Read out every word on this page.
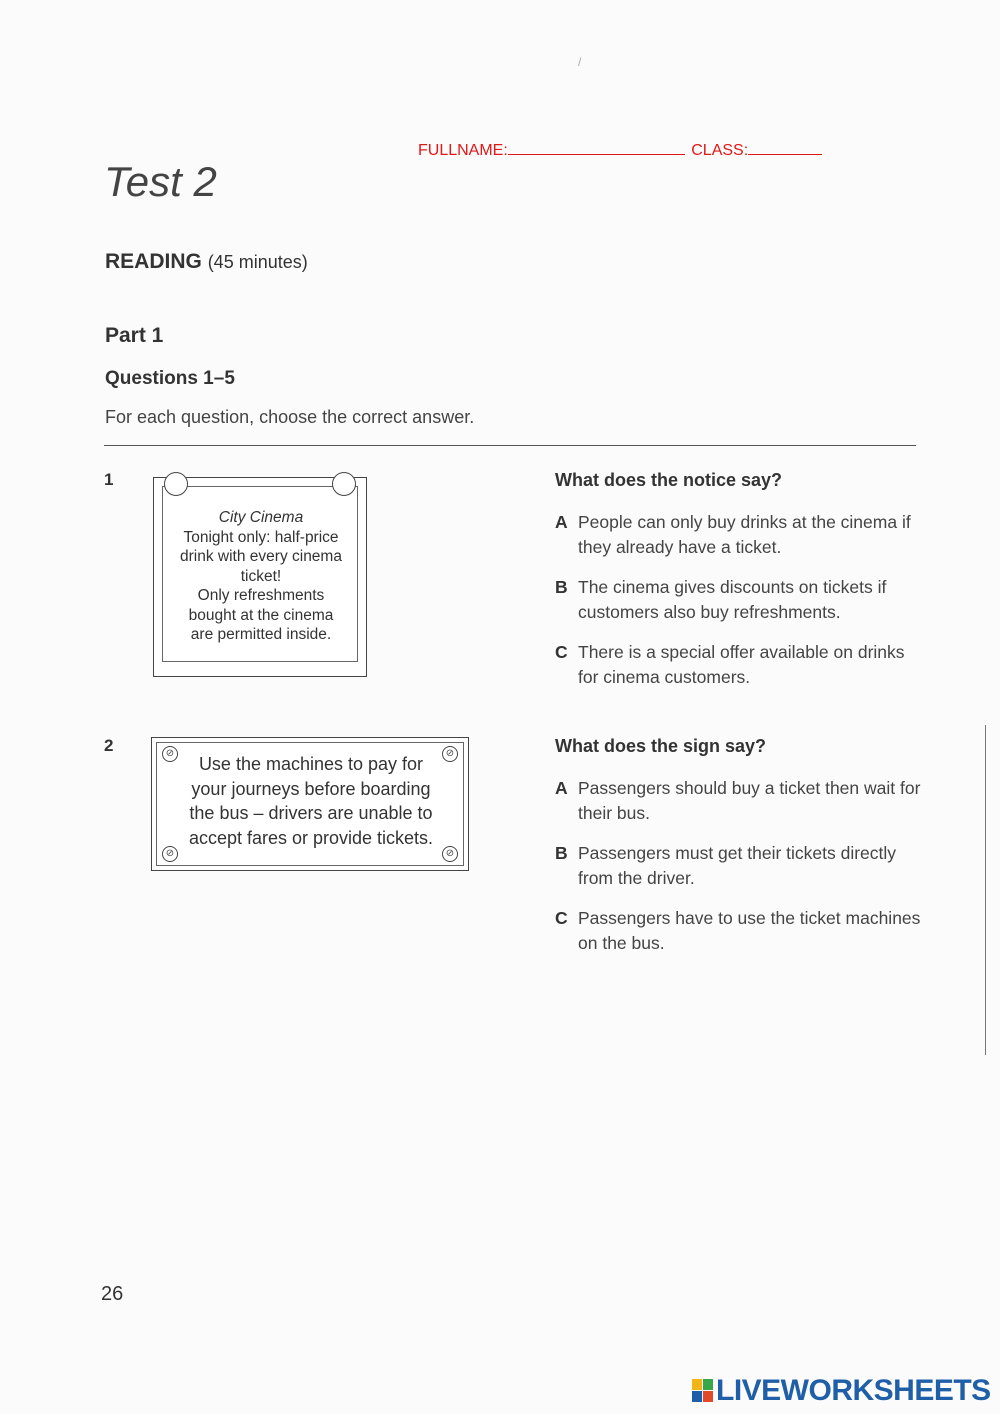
/
FULLNAME:	CLASS:
Test 2
READING (45 minutes)
Part 1
Questions 1–5
For each question, choose the correct answer.
1
City Cinema
Tonight only: half-price
drink with every cinema
ticket!
Only refreshments
bought at the cinema
are permitted inside.
What does the notice say?
A People can only buy drinks at the cinema if they already have a ticket.
B The cinema gives discounts on tickets if customers also buy refreshments.
C There is a special offer available on drinks for cinema customers.
2	⊘	⊘
⊘	⊘
Use the machines to pay for
your journeys before boarding
the bus – drivers are unable to
accept fares or provide tickets.
What does the sign say?
A Passengers should buy a ticket then wait for their bus.
B Passengers must get their tickets directly from the driver.
C Passengers have to use the ticket machines on the bus.
26
LIVEWORKSHEETS
